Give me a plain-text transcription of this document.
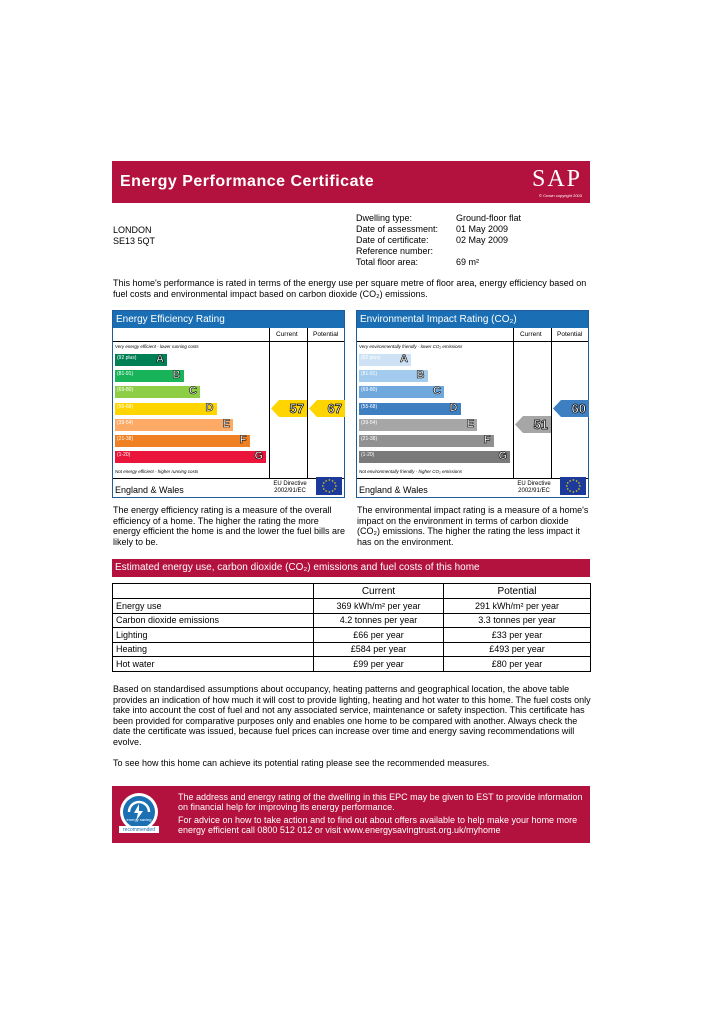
Energy Performance Certificate	SAP
© Crown copyright 2003
LONDON
SE13 5QT
Dwelling type:	Ground-floor flat
Date of assessment:	01 May 2009
Date of certificate:	02 May 2009
Reference number:	
Total floor area:	69 m²
This home's performance is rated in terms of the energy use per square metre of floor area, energy efficiency based on fuel costs and environmental impact based on carbon dioxide (CO₂) emissions.
Energy Efficiency Rating
Current Potential
Very energy efficient - lower running costs
(92 plus) A
(81-91)	B
(69-80)	C
(55-68)	D
(39-54)	E
(21-38)	F
(1-20)	G
Not energy efficient - higher running costs
57 67
England & Wales
EU Directive 2002/91/EC
★
★
★
★
★
★
★
★
★ ★ ★
★
Environmental Impact Rating (CO₂)
Current Potential
Very environmentally friendly - lower CO₂ emissions
(92 plus) A
(81-91)	B
(69-80)	C
(55-68)	D
(39-54)	E
(21-38)	F
(1-20)	G
Not environmentally friendly - higher CO₂ emissions
51
60
England & Wales
EU Directive 2002/91/EC
★
★
★
★
★
★
★
★
★ ★ ★
★
The energy efficiency rating is a measure of the overall efficiency of a home. The higher the rating the more energy efficient the home is and the lower the fuel bills are likely to be.
The environmental impact rating is a measure of a home's impact on the environment in terms of carbon dioxide (CO₂) emissions. The higher the rating the less impact it has on the environment.
Estimated energy use, carbon dioxide (CO₂) emissions and fuel costs of this home
	Current	Potential
Energy use	369 kWh/m² per year	291 kWh/m² per year
Carbon dioxide emissions	4.2 tonnes per year	3.3 tonnes per year
Lighting	£66 per year	£33 per year
Heating	£584 per year	£493 per year
Hot water	£99 per year	£80 per year
Based on standardised assumptions about occupancy, heating patterns and geographical location, the above table provides an indication of how much it will cost to provide lighting, heating and hot water to this home. The fuel costs only take into account the cost of fuel and not any associated service, maintenance or safety inspection. This certificate has been provided for comparative purposes only and enables one home to be compared with another. Always check the date the certificate was issued, because fuel prices can increase over time and energy saving recommendations will evolve.
To see how this home can achieve its potential rating please see the recommended measures.
energy saving
recommended

The address and energy rating of the dwelling in this EPC may be given to EST to provide information on financial help for improving its energy performance.

For advice on how to take action and to find out about offers available to help make your home more energy efficient call 0800 512 012 or visit www.energysavingtrust.org.uk/myhome
